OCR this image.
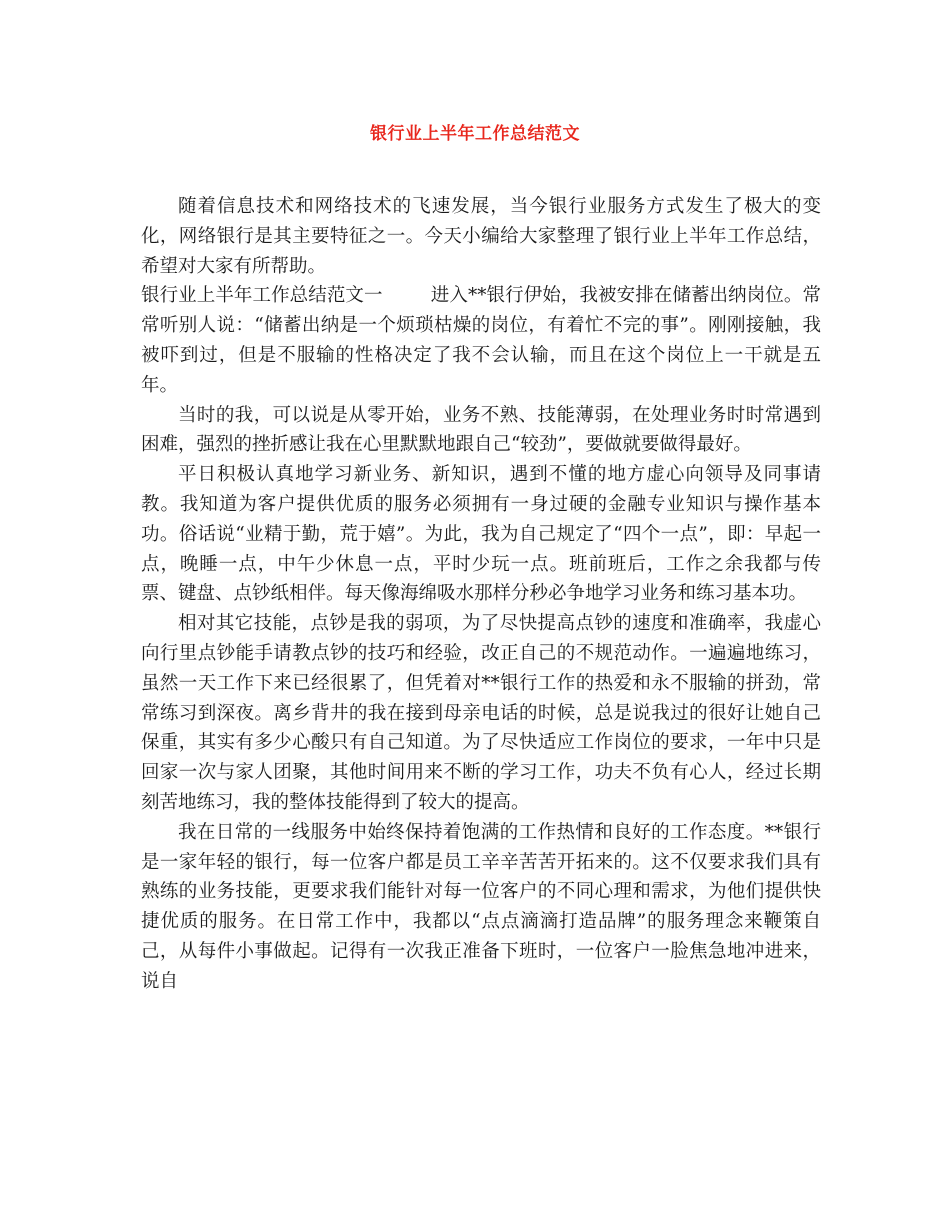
银行业上半年工作总结范文

随着信息技术和网络技术的飞速发展，当今银行业服务方式发生了极大的变化，网络银行是其主要特征之一。今天小编给大家整理了银行业上半年工作总结，希望对大家有所帮助。

银行业上半年工作总结范文一	进入**银行伊始，我被安排在储蓄出纳岗位。常常听别人说：“储蓄出纳是一个烦琐枯燥的岗位，有着忙不完的事”。刚刚接触，我被吓到过，但是不服输的性格决定了我不会认输，而且在这个岗位上一干就是五年。

当时的我，可以说是从零开始，业务不熟、技能薄弱，在处理业务时时常遇到困难，强烈的挫折感让我在心里默默地跟自己“较劲”，要做就要做得最好。

平日积极认真地学习新业务、新知识，遇到不懂的地方虚心向领导及同事请教。我知道为客户提供优质的服务必须拥有一身过硬的金融专业知识与操作基本功。俗话说“业精于勤，荒于嬉”。为此，我为自己规定了“四个一点”，即：早起一点，晚睡一点，中午少休息一点，平时少玩一点。班前班后，工作之余我都与传票、键盘、点钞纸相伴。每天像海绵吸水那样分秒必争地学习业务和练习基本功。

相对其它技能，点钞是我的弱项，为了尽快提高点钞的速度和准确率，我虚心向行里点钞能手请教点钞的技巧和经验，改正自己的不规范动作。一遍遍地练习，虽然一天工作下来已经很累了，但凭着对**银行工作的热爱和永不服输的拼劲，常常练习到深夜。离乡背井的我在接到母亲电话的时候，总是说我过的很好让她自己保重，其实有多少心酸只有自己知道。为了尽快适应工作岗位的要求，一年中只是回家一次与家人团聚，其他时间用来不断的学习工作，功夫不负有心人，经过长期刻苦地练习，我的整体技能得到了较大的提高。

我在日常的一线服务中始终保持着饱满的工作热情和良好的工作态度。**银行是一家年轻的银行，每一位客户都是员工辛辛苦苦开拓来的。这不仅要求我们具有熟练的业务技能，更要求我们能针对每一位客户的不同心理和需求，为他们提供快捷优质的服务。在日常工作中，我都以“点点滴滴打造品牌”的服务理念来鞭策自己，从每件小事做起。记得有一次我正准备下班时，一位客户一脸焦急地冲进来，说自
